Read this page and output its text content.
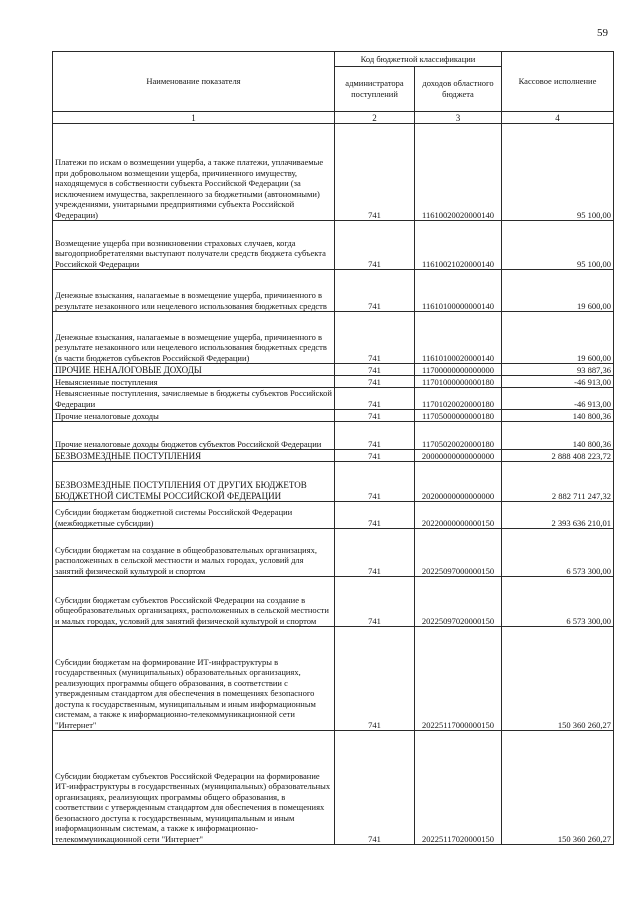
59
Наименование показателя	Код бюджетной классификации		Кассовое исполнение
	администратора поступлений	доходов областного бюджета	
1	2	3	4
Платежи по искам о возмещении ущерба, а также платежи, уплачиваемые при добровольном возмещении ущерба, причиненного имуществу, находящемуся в собственности субъекта Российской Федерации (за исключением имущества, закрепленного за бюджетными (автономными) учреждениями, унитарными предприятиями субъекта Российской Федерации)	741	11610020020000140	95 100,00
Возмещение ущерба при возникновении страховых случаев, когда выгодоприобретателями выступают получатели средств бюджета субъекта Российской Федерации	741	11610021020000140	95 100,00
Денежные взыскания, налагаемые в возмещение ущерба, причиненного в результате незаконного или нецелевого использования бюджетных средств	741	11610100000000140	19 600,00
Денежные взыскания, налагаемые в возмещение ущерба, причиненного в результате незаконного или нецелевого использования бюджетных средств (в части бюджетов субъектов Российской Федерации)	741	11610100020000140	19 600,00
ПРОЧИЕ НЕНАЛОГОВЫЕ ДОХОДЫ	741	11700000000000000	93 887,36
Невыясненные поступления	741	11701000000000180	-46 913,00
Невыясненные поступления, зачисляемые в бюджеты субъектов Российской Федерации	741	11701020020000180	-46 913,00
Прочие неналоговые доходы	741	11705000000000180	140 800,36
Прочие неналоговые доходы бюджетов субъектов Российской Федерации	741	11705020020000180	140 800,36
БЕЗВОЗМЕЗДНЫЕ ПОСТУПЛЕНИЯ	741	20000000000000000	2 888 408 223,72
БЕЗВОЗМЕЗДНЫЕ ПОСТУПЛЕНИЯ ОТ ДРУГИХ БЮДЖЕТОВ БЮДЖЕТНОЙ СИСТЕМЫ РОССИЙСКОЙ ФЕДЕРАЦИИ	741	20200000000000000	2 882 711 247,32
Субсидии бюджетам бюджетной системы Российской Федерации (межбюджетные субсидии)	741	20220000000000150	2 393 636 210,01
Субсидии бюджетам на создание в общеобразовательных организациях, расположенных в сельской местности и малых городах, условий для занятий физической культурой и спортом	741	20225097000000150	6 573 300,00
Субсидии бюджетам субъектов Российской Федерации на создание в общеобразовательных организациях, расположенных в сельской местности и малых городах, условий для занятий физической культурой и спортом	741	20225097020000150	6 573 300,00
Субсидии бюджетам на формирование ИТ-инфраструктуры в государственных (муниципальных) образовательных организациях, реализующих программы общего образования, в соответствии с утвержденным стандартом для обеспечения в помещениях безопасного доступа к государственным, муниципальным и иным информационным системам, а также к информационно-телекоммуникационной сети "Интернет"	741	20225117000000150	150 360 260,27
Субсидии бюджетам субъектов Российской Федерации на формирование ИТ-инфраструктуры в государственных (муниципальных) образовательных организациях, реализующих программы общего образования, в соответствии с утвержденным стандартом для обеспечения в помещениях безопасного доступа к государственным, муниципальным и иным информационным системам, а также к информационно-телекоммуникационной сети "Интернет"	741	20225117020000150	150 360 260,27
